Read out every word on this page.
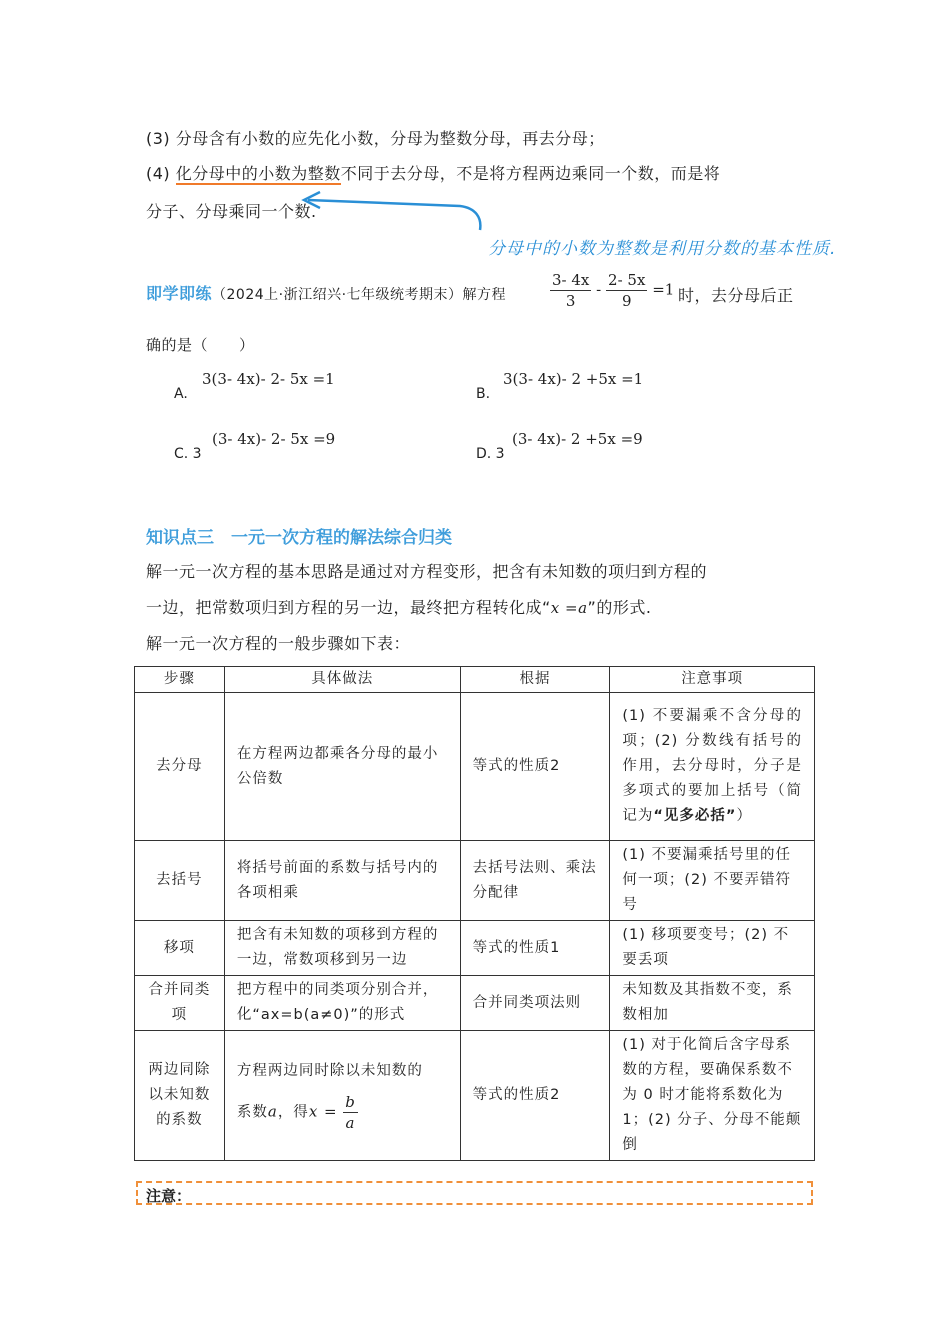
(3) 分母含有小数的应先化小数，分母为整数分母，再去分母；
(4) 化分母中的小数为整数不同于去分母，不是将方程两边乘同一个数，而是将
分子、分母乘同一个数.
分母中的小数为整数是利用分数的基本性质.
即学即练（2024上·浙江绍兴·七年级统考期末）解方程	$\frac{3- 4x}{3} - \frac{2- 5x}{9} =1$ 时，去分母后正
确的是（　　）
A.
3(3- 4x)- 2- 5x =1
B.
3(3- 4x)- 2 +5x =1
C. 3
(3- 4x)- 2- 5x =9
D. 3
(3- 4x)- 2 +5x =9
知识点三　一元一次方程的解法综合归类
解一元一次方程的基本思路是通过对方程变形，把含有未知数的项归到方程的
一边，把常数项归到方程的另一边，最终把方程转化成“x =a”的形式.
解一元一次方程的一般步骤如下表：
步骤	具体做法	根据	注意事项
去分母	在方程两边都乘各分母的最小公倍数	等式的性质2	(1) 不要漏乘不含分母的项；(2) 分数线有括号的作用，去分母时，分子是多项式的要加上括号（简记为“见多必括”）
去括号	将括号前面的系数与括号内的各项相乘	去括号法则、乘法分配律	(1) 不要漏乘括号里的任何一项；(2) 不要弄错符号
移项	把含有未知数的项移到方程的一边，常数项移到另一边	等式的性质1	(1) 移项要变号；(2) 不要丢项
合并同类项	把方程中的同类项分别合并，化“ax=b(a≠0)”的形式	合并同类项法则	未知数及其指数不变，系数相加
两边同除以未知数的系数	方程两边同时除以未知数的
系数a，得$x = \frac{b}{a}$	等式的性质2	(1) 对于化简后含字母系数的方程，要确保系数不为 0 时才能将系数化为 1；(2) 分子、分母不能颠倒
注意：
